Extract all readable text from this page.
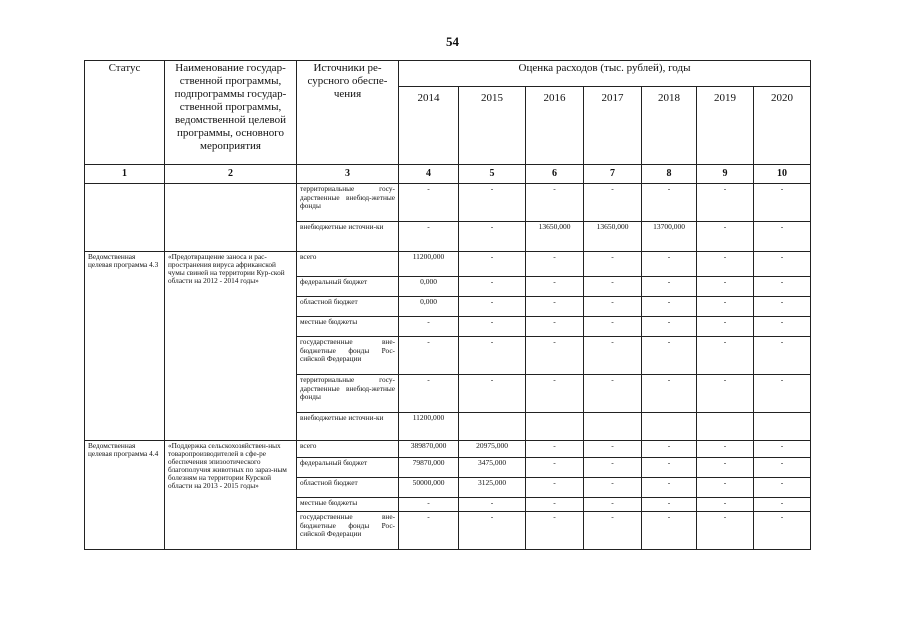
54
Статус	Наименование государ-ственной программы, подпрограммы государ-ственной программы, ведомственной целевой программы, основного мероприятия	Источники ре-сурсного обеспе-чения	Оценка расходов (тыс. рублей), годы						
			2014	2015	2016	2017	2018	2019	2020
1	2	3	4	5	6	7	8	9	10
		территориальные госу-дарственные внебюд-жетные фонды	-	-	-	-	-	-	-
		внебюджетные источни-ки	-	-	13650,000	13650,000	13700,000	-	-
Ведомственная целевая программа 4.3	«Предотвращение заноса и рас-пространения вируса африканской чумы свиней на территории Кур-ской области на 2012 - 2014 годы»	всего	11200,000	-	-	-	-	-	-
		федеральный бюджет	0,000	-	-	-	-	-	-
		областной бюджет	0,000	-	-	-	-	-	-
		местные бюджеты	-	-	-	-	-	-	-
		государственные вне-бюджетные фонды Рос-сийской Федерации	-	-	-	-	-	-	-
		территориальные госу-дарственные внебюд-жетные фонды	-	-	-	-	-	-	-
		внебюджетные источни-ки	11200,000						
Ведомственная целевая программа 4.4	«Поддержка сельскохозяйствен-ных товаропроизводителей в сфе-ре обеспечения эпизоотического благополучия животных по зараз-ным болезням на территории Курской области на 2013 - 2015 годы»	всего	389870,000	20975,000	-	-	-	-	-
		федеральный бюджет	79870,000	3475,000	-	-	-	-	-
		областной бюджет	50000,000	3125,000	-	-	-	-	-
		местные бюджеты	-	-	-	-	-	-	-
		государственные вне-бюджетные фонды Рос-сийской Федерации	-	-	-	-	-	-	-
